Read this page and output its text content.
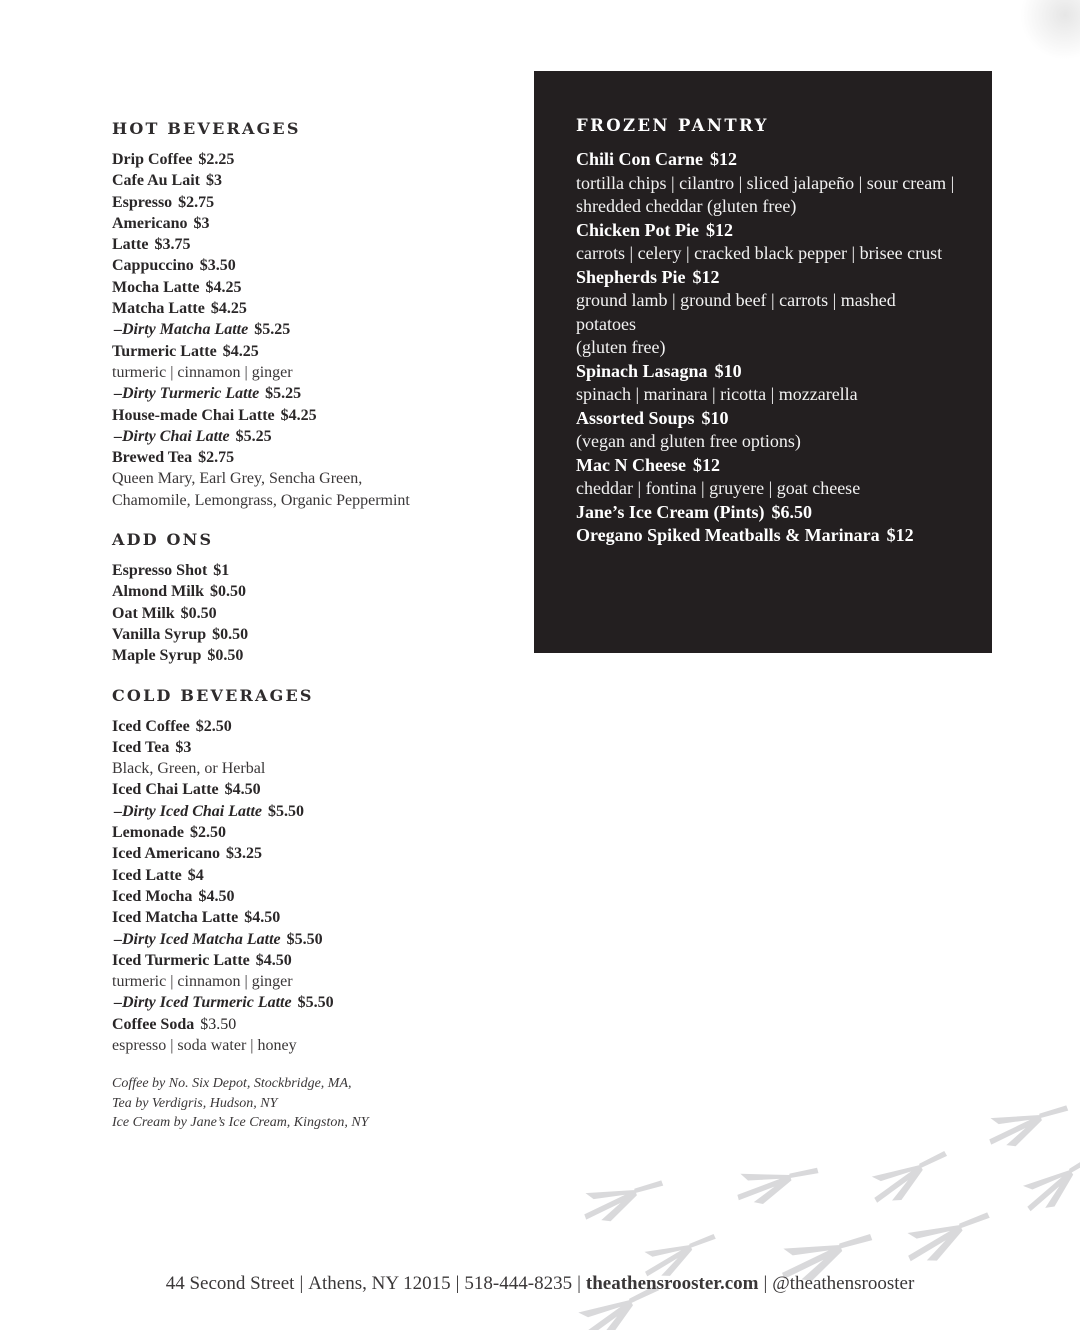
HOT BEVERAGES
Drip Coffee $2.25
Cafe Au Lait $3
Espresso $2.75
Americano $3
Latte $3.75
Cappuccino $3.50
Mocha Latte $4.25
Matcha Latte $4.25
–Dirty Matcha Latte $5.25
Turmeric Latte $4.25
turmeric | cinnamon | ginger
–Dirty Turmeric Latte $5.25
House-made Chai Latte $4.25
–Dirty Chai Latte $5.25
Brewed Tea $2.75
Queen Mary, Earl Grey, Sencha Green,
Chamomile, Lemongrass, Organic Peppermint
ADD ONS
Espresso Shot $1
Almond Milk $0.50
Oat Milk $0.50
Vanilla Syrup $0.50
Maple Syrup $0.50
COLD BEVERAGES
Iced Coffee $2.50
Iced Tea $3
Black, Green, or Herbal
Iced Chai Latte $4.50
–Dirty Iced Chai Latte $5.50
Lemonade $2.50
Iced Americano $3.25
Iced Latte $4
Iced Mocha $4.50
Iced Matcha Latte $4.50
–Dirty Iced Matcha Latte $5.50
Iced Turmeric Latte $4.50
turmeric | cinnamon | ginger
–Dirty Iced Turmeric Latte $5.50
Coffee Soda $3.50
espresso | soda water | honey
Coffee by No. Six Depot, Stockbridge, MA,
Tea by Verdigris, Hudson, NY
Ice Cream by Jane’s Ice Cream, Kingston, NY
FROZEN PANTRY
Chili Con Carne $12
tortilla chips | cilantro | sliced jalapeño | sour cream | shredded cheddar (gluten free)
Chicken Pot Pie $12
carrots | celery | cracked black pepper | brisee crust
Shepherds Pie $12
ground lamb | ground beef | carrots | mashed potatoes
(gluten free)
Spinach Lasagna $10
spinach | marinara | ricotta | mozzarella
Assorted Soups $10
(vegan and gluten free options)
Mac N Cheese $12
cheddar | fontina | gruyere | goat cheese
Jane’s Ice Cream (Pints) $6.50
Oregano Spiked Meatballs & Marinara $12
44 Second Street | Athens, NY 12015 | 518-444-8235 | theathensrooster.com | @theathensrooster
